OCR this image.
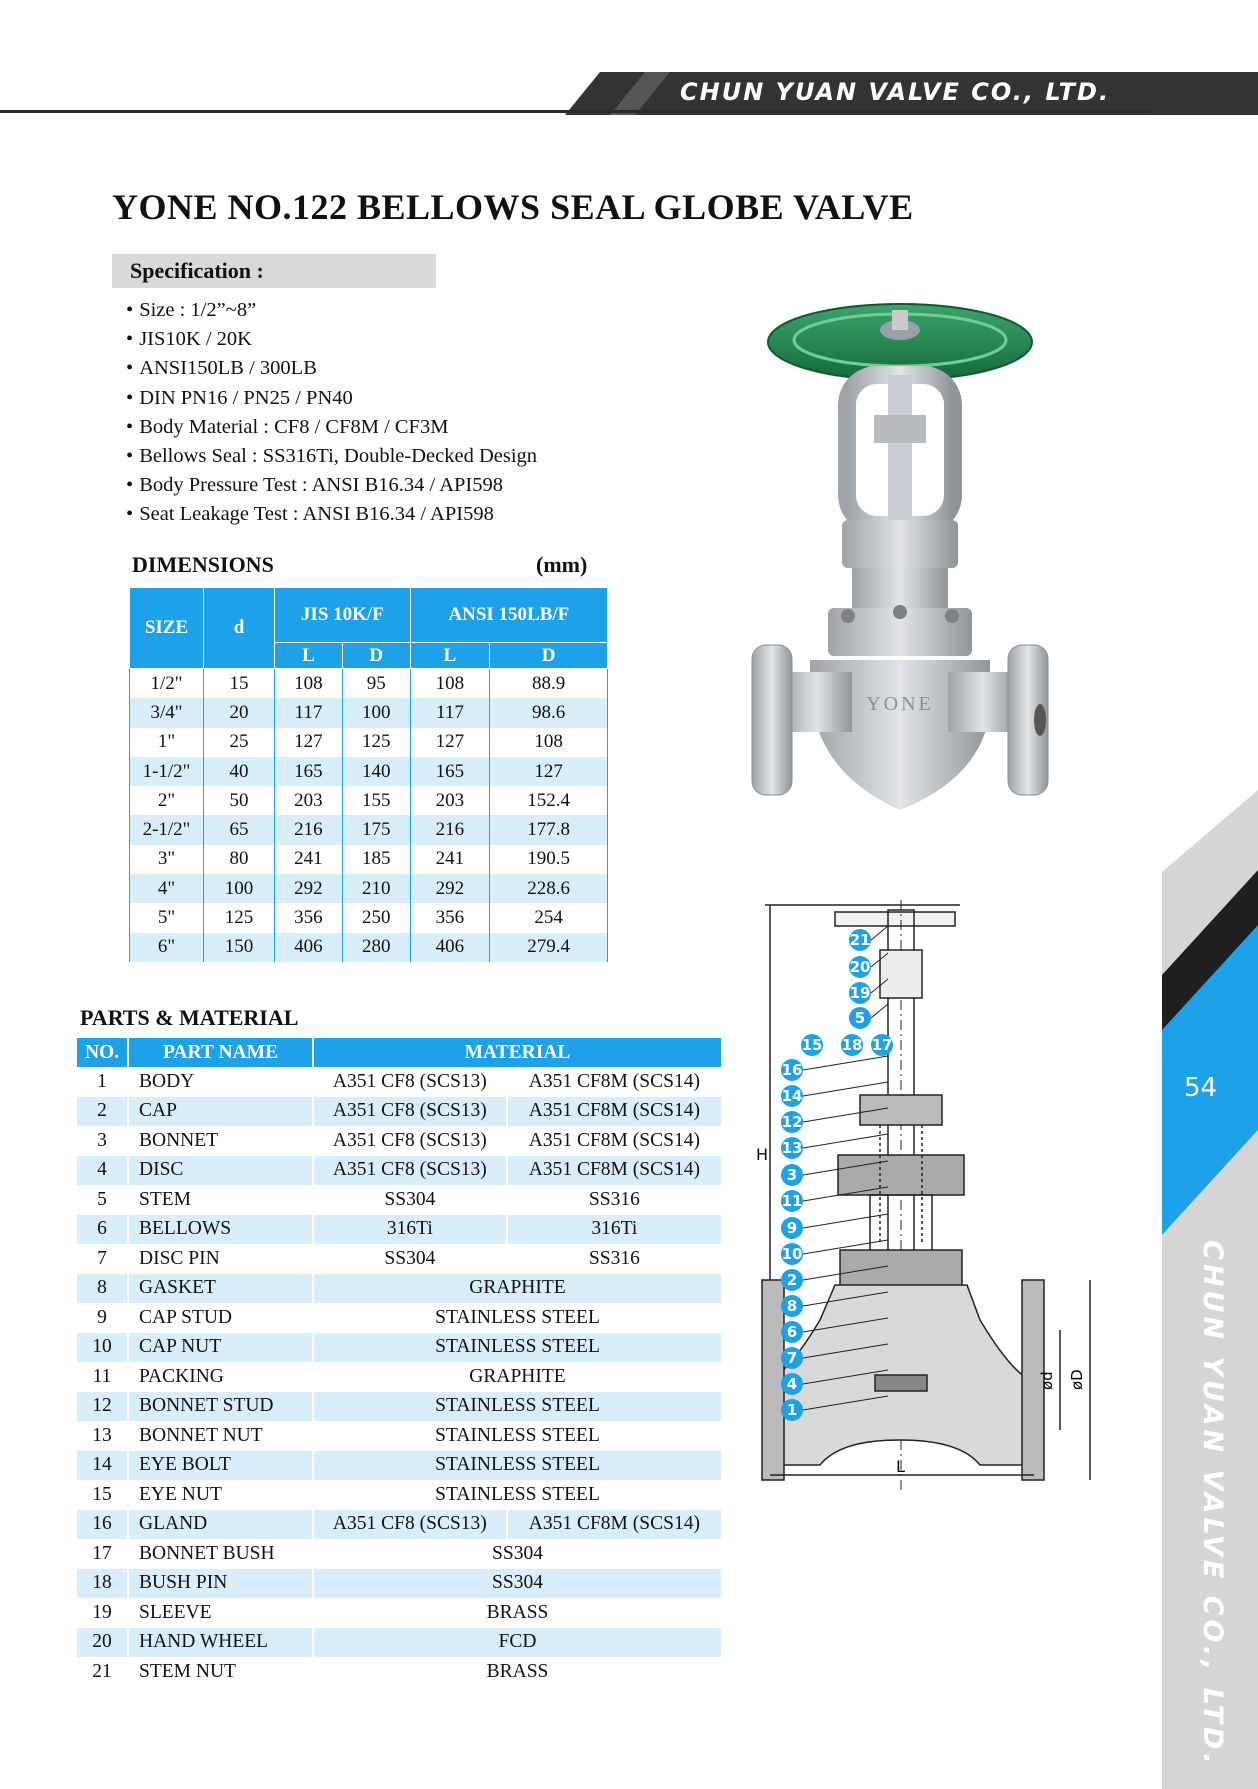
CHUN YUAN VALVE CO., LTD.
YONE NO.122 BELLOWS SEAL GLOBE VALVE
Specification :
• Size : 1/2”~8”
• JIS10K / 20K
• ANSI150LB / 300LB
• DIN PN16 / PN25 / PN40
• Body Material : CF8 / CF8M / CF3M
• Bellows Seal : SS316Ti, Double-Decked Design
• Body Pressure Test : ANSI B16.34 / API598
• Seat Leakage Test : ANSI B16.34 / API598
DIMENSIONS	(mm)
SIZE	d	JIS 10K/F		ANSI 150LB/F	
		L	D	L	D
1/2"	15	108	95	108	88.9
3/4"	20	117	100	117	98.6
1"	25	127	125	127	108
1-1/2"	40	165	140	165	127
2"	50	203	155	203	152.4
2-1/2"	65	216	175	216	177.8
3"	80	241	185	241	190.5
4"	100	292	210	292	228.6
5"	125	356	250	356	254
6"	150	406	280	406	279.4
PARTS & MATERIAL
NO.	PART NAME	MATERIAL	
1	BODY	A351 CF8 (SCS13)	A351 CF8M (SCS14)
2	CAP	A351 CF8 (SCS13)	A351 CF8M (SCS14)
3	BONNET	A351 CF8 (SCS13)	A351 CF8M (SCS14)
4	DISC	A351 CF8 (SCS13)	A351 CF8M (SCS14)
5	STEM	SS304	SS316
6	BELLOWS	316Ti	316Ti
7	DISC PIN	SS304	SS316
8	GASKET	GRAPHITE	
9	CAP STUD	STAINLESS STEEL	
10	CAP NUT	STAINLESS STEEL	
11	PACKING	GRAPHITE	
12	BONNET STUD	STAINLESS STEEL	
13	BONNET NUT	STAINLESS STEEL	
14	EYE BOLT	STAINLESS STEEL	
15	EYE NUT	STAINLESS STEEL	
16	GLAND	A351 CF8 (SCS13)	A351 CF8M (SCS14)
17	BONNET BUSH	SS304	
18	BUSH PIN	SS304	
19	SLEEVE	BRASS	
20	HAND WHEEL	FCD	
21	STEM NUT	BRASS	
YONE
H
L
ød øD
21
20
19
5
16
14
12
13
3
11
9
10
2
8
6
7
4
1
15 18 17
54
CHUN YUAN VALVE CO., LTD.
